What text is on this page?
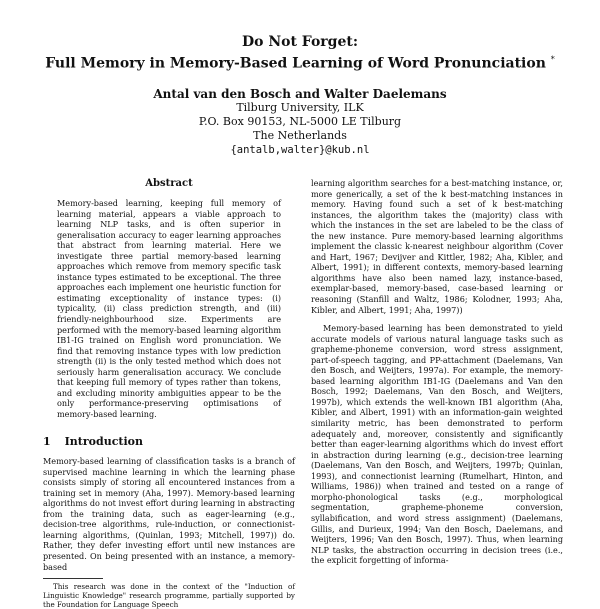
Do Not Forget:
Full Memory in Memory-Based Learning of Word Pronunciation *
Antal van den Bosch and Walter Daelemans
Tilburg University, ILK
P.O. Box 90153, NL-5000 LE Tilburg
The Netherlands
{antalb,walter}@kub.nl
Abstract

Memory-based learning, keeping full memory of learning material, appears a viable approach to learning NLP tasks, and is often superior in generalisation accuracy to eager learning approaches that abstract from learning material. Here we investigate three partial memory-based learning approaches which remove from memory specific task instance types estimated to be exceptional. The three approaches each implement one heuristic function for estimating exceptionality of instance types: (i) typicality, (ii) class prediction strength, and (iii) friendly-neighbourhood size. Experiments are performed with the memory-based learning algorithm IB1-IG trained on English word pronunciation. We find that removing instance types with low prediction strength (ii) is the only tested method which does not seriously harm generalisation accuracy. We conclude that keeping full memory of types rather than tokens, and excluding minority ambiguities appear to be the only performance-preserving optimisations of memory-based learning.

1 Introduction

Memory-based learning of classification tasks is a branch of supervised machine learning in which the learning phase consists simply of storing all encountered instances from a training set in memory (Aha, 1997). Memory-based learning algorithms do not invest effort during learning in abstracting from the training data, such as eager-learning (e.g., decision-tree algorithms, rule-induction, or connectionist-learning algorithms, (Quinlan, 1993; Mitchell, 1997)) do. Rather, they defer investing effort until new instances are presented. On being presented with an instance, a memory-based

This research was done in the context of the "Induction of Linguistic Knowledge" research programme, partially supported by the Foundation for Language Speech

learning algorithm searches for a best-matching instance, or, more generically, a set of the k best-matching instances in memory. Having found such a set of k best-matching instances, the algorithm takes the (majority) class with which the instances in the set are labeled to be the class of the new instance. Pure memory-based learning algorithms implement the classic k-nearest neighbour algorithm (Cover and Hart, 1967; Devijver and Kittler, 1982; Aha, Kibler, and Albert, 1991); in different contexts, memory-based learning algorithms have also been named lazy, instance-based, exemplar-based, memory-based, case-based learning or reasoning (Stanfill and Waltz, 1986; Kolodner, 1993; Aha, Kibler, and Albert, 1991; Aha, 1997))

Memory-based learning has been demonstrated to yield accurate models of various natural language tasks such as grapheme-phoneme conversion, word stress assignment, part-of-speech tagging, and PP-attachment (Daelemans, Van den Bosch, and Weijters, 1997a). For example, the memory-based learning algorithm IB1-IG (Daelemans and Van den Bosch, 1992; Daelemans, Van den Bosch, and Weijters, 1997b), which extends the well-known IB1 algorithm (Aha, Kibler, and Albert, 1991) with an information-gain weighted similarity metric, has been demonstrated to perform adequately and, moreover, consistently and significantly better than eager-learning algorithms which do invest effort in abstraction during learning (e.g., decision-tree learning (Daelemans, Van den Bosch, and Weijters, 1997b; Quinlan, 1993), and connectionist learning (Rumelhart, Hinton, and Williams, 1986)) when trained and tested on a range of morpho-phonological tasks (e.g., morphological segmentation, grapheme-phoneme conversion, syllabification, and word stress assignment) (Daelemans, Gillis, and Durieux, 1994; Van den Bosch, Daelemans, and Weijters, 1996; Van den Bosch, 1997). Thus, when learning NLP tasks, the abstraction occurring in decision trees (i.e., the explicit forgetting of informa-
